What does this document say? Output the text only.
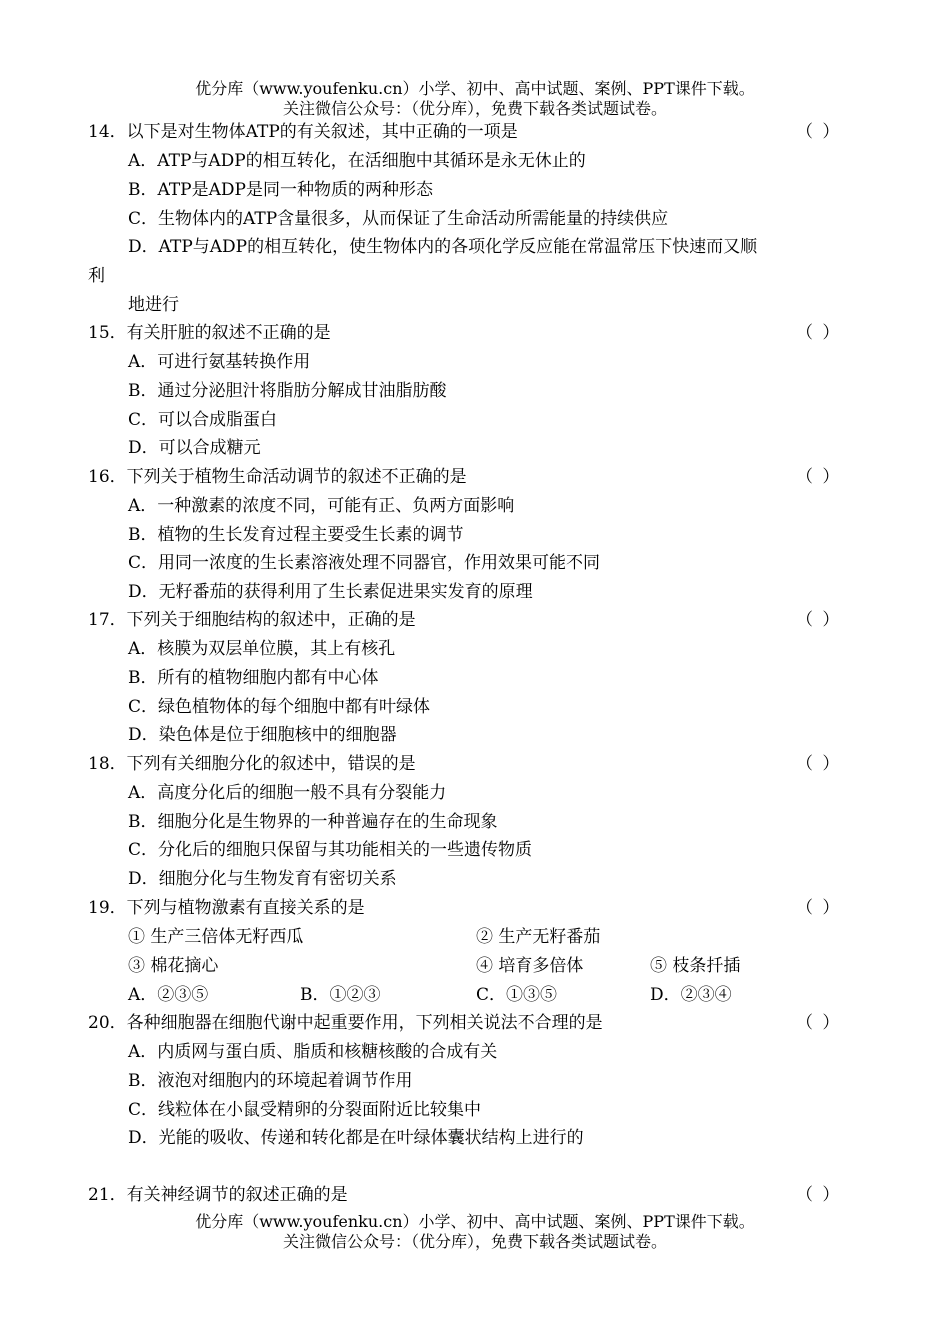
优分库（www.youfenku.cn）小学、初中、高中试题、案例、PPT课件下载。
关注微信公众号：（优分库），免费下载各类试题试卷。
14．以下是对生物体ATP的有关叙述，其中正确的一项是	（ ）
A．ATP与ADP的相互转化，在活细胞中其循环是永无休止的
B．ATP是ADP是同一种物质的两种形态
C．生物体内的ATP含量很多，从而保证了生命活动所需能量的持续供应
D．ATP与ADP的相互转化，使生物体内的各项化学反应能在常温常压下快速而又顺
利
地进行
15．有关肝脏的叙述不正确的是	（ ）
A．可进行氨基转换作用
B．通过分泌胆汁将脂肪分解成甘油脂肪酸
C．可以合成脂蛋白
D．可以合成糖元
16．下列关于植物生命活动调节的叙述不正确的是	（ ）
A．一种激素的浓度不同，可能有正、负两方面影响
B．植物的生长发育过程主要受生长素的调节
C．用同一浓度的生长素溶液处理不同器官，作用效果可能不同
D．无籽番茄的获得利用了生长素促进果实发育的原理
17．下列关于细胞结构的叙述中，正确的是	（ ）
A．核膜为双层单位膜，其上有核孔
B．所有的植物细胞内都有中心体
C．绿色植物体的每个细胞中都有叶绿体
D．染色体是位于细胞核中的细胞器
18．下列有关细胞分化的叙述中，错误的是	（ ）
A．高度分化后的细胞一般不具有分裂能力
B．细胞分化是生物界的一种普遍存在的生命现象
C．分化后的细胞只保留与其功能相关的一些遗传物质
D．细胞分化与生物发育有密切关系
19．下列与植物激素有直接关系的是	（ ）
① 生产三倍体无籽西瓜	② 生产无籽番茄
③ 棉花摘心	④ 培育多倍体	⑤ 枝条扦插
A．②③⑤	B．①②③	C．①③⑤	D．②③④
20．各种细胞器在细胞代谢中起重要作用，下列相关说法不合理的是	（ ）
A．内质网与蛋白质、脂质和核糖核酸的合成有关
B．液泡对细胞内的环境起着调节作用
C．线粒体在小鼠受精卵的分裂面附近比较集中
D．光能的吸收、传递和转化都是在叶绿体囊状结构上进行的
21．有关神经调节的叙述正确的是	（ ）
优分库（www.youfenku.cn）小学、初中、高中试题、案例、PPT课件下载。
关注微信公众号：（优分库），免费下载各类试题试卷。
